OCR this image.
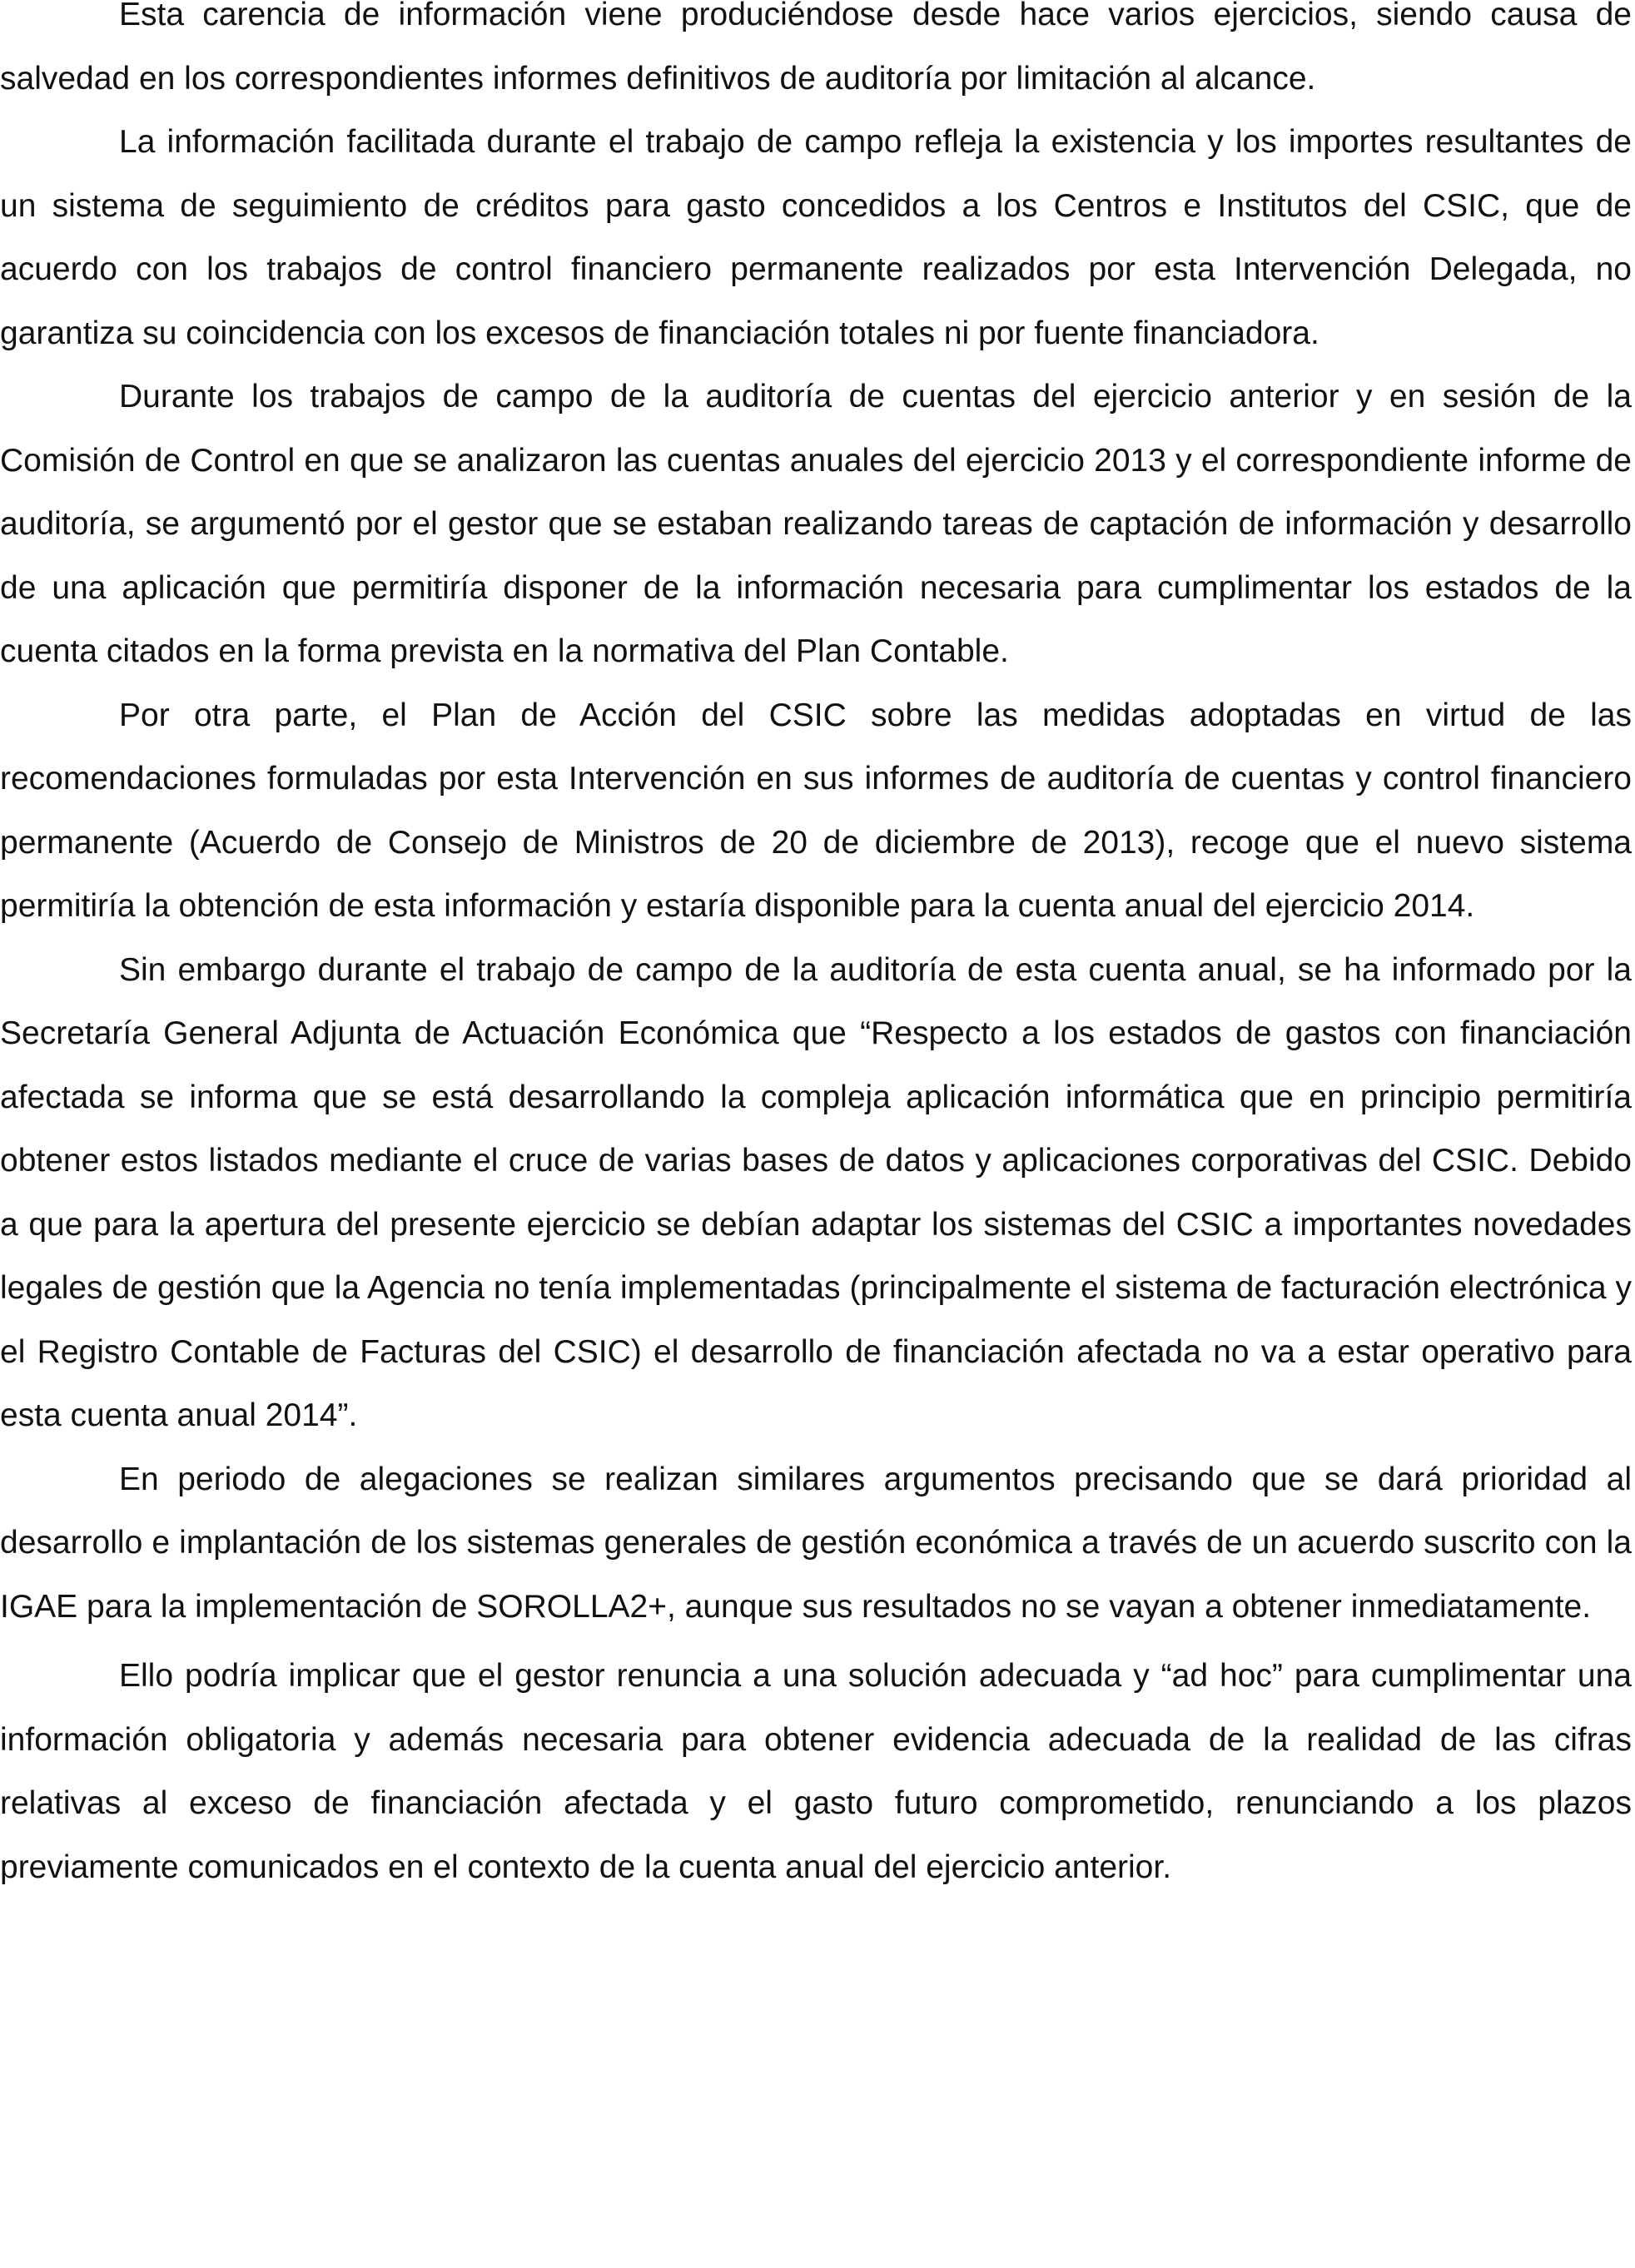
Esta carencia de información viene produciéndose desde hace varios ejercicios, siendo causa de salvedad en los correspondientes informes definitivos de auditoría por limitación al alcance.

La información facilitada durante el trabajo de campo refleja la existencia y los importes resultantes de un sistema de seguimiento de créditos para gasto concedidos a los Centros e Institutos del CSIC, que de acuerdo con los trabajos de control financiero permanente realizados por esta Intervención Delegada, no garantiza su coincidencia con los excesos de financiación totales ni por fuente financiadora.

Durante los trabajos de campo de la auditoría de cuentas del ejercicio anterior y en sesión de la Comisión de Control en que se analizaron las cuentas anuales del ejercicio 2013 y el correspondiente informe de auditoría, se argumentó por el gestor que se estaban realizando tareas de captación de información y desarrollo de una aplicación que permitiría disponer de la información necesaria para cumplimentar los estados de la cuenta citados en la forma prevista en la normativa del Plan Contable.

Por otra parte, el Plan de Acción del CSIC sobre las medidas adoptadas en virtud de las recomendaciones formuladas por esta Intervención en sus informes de auditoría de cuentas y control financiero permanente (Acuerdo de Consejo de Ministros de 20 de diciembre de 2013), recoge que el nuevo sistema permitiría la obtención de esta información y estaría disponible para la cuenta anual del ejercicio 2014.

Sin embargo durante el trabajo de campo de la auditoría de esta cuenta anual, se ha informado por la Secretaría General Adjunta de Actuación Económica que “Respecto a los estados de gastos con financiación afectada se informa que se está desarrollando la compleja aplicación informática que en principio permitiría obtener estos listados mediante el cruce de varias bases de datos y aplicaciones corporativas del CSIC. Debido a que para la apertura del presente ejercicio se debían adaptar los sistemas del CSIC a importantes novedades legales de gestión que la Agencia no tenía implementadas (principalmente el sistema de facturación electrónica y el Registro Contable de Facturas del CSIC) el desarrollo de financiación afectada no va a estar operativo para esta cuenta anual 2014”.

En periodo de alegaciones se realizan similares argumentos precisando que se dará prioridad al desarrollo e implantación de los sistemas generales de gestión económica a través de un acuerdo suscrito con la IGAE para la implementación de SOROLLA2+, aunque sus resultados no se vayan a obtener inmediatamente.

Ello podría implicar que el gestor renuncia a una solución adecuada y “ad hoc” para cumplimentar una información obligatoria y además necesaria para obtener evidencia adecuada de la realidad de las cifras relativas al exceso de financiación afectada y el gasto futuro comprometido, renunciando a los plazos previamente comunicados en el contexto de la cuenta anual del ejercicio anterior.
